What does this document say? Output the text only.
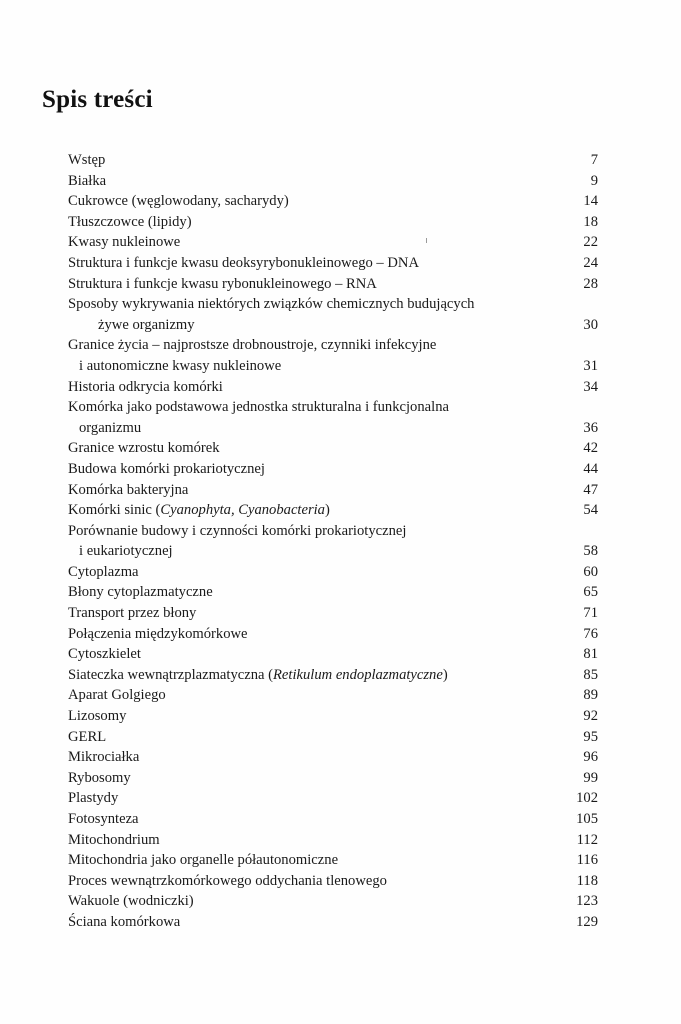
Spis treści
Wstęp	7
Białka	9
Cukrowce (węglowodany, sacharydy)	14
Tłuszczowce (lipidy)	18
Kwasy nukleinowe	22
Struktura i funkcje kwasu deoksyrybonukleinowego – DNA	24
Struktura i funkcje kwasu rybonukleinowego – RNA	28
Sposoby wykrywania niektórych związków chemicznych budujących
żywe organizmy	30
Granice życia – najprostsze drobnoustroje, czynniki infekcyjne
i autonomiczne kwasy nukleinowe	31
Historia odkrycia komórki	34
Komórka jako podstawowa jednostka strukturalna i funkcjonalna
organizmu	36
Granice wzrostu komórek	42
Budowa komórki prokariotycznej	44
Komórka bakteryjna	47
Komórki sinic (Cyanophyta, Cyanobacteria)	54
Porównanie budowy i czynności komórki prokariotycznej
i eukariotycznej	58
Cytoplazma	60
Błony cytoplazmatyczne	65
Transport przez błony	71
Połączenia międzykomórkowe	76
Cytoszkielet	81
Siateczka wewnątrzplazmatyczna (Retikulum endoplazmatyczne)	85
Aparat Golgiego	89
Lizosomy	92
GERL	95
Mikrociałka	96
Rybosomy	99
Plastydy	102
Fotosynteza	105
Mitochondrium	112
Mitochondria jako organelle półautonomiczne	116
Proces wewnątrzkomórkowego oddychania tlenowego	118
Wakuole (wodniczki)	123
Ściana komórkowa	129
